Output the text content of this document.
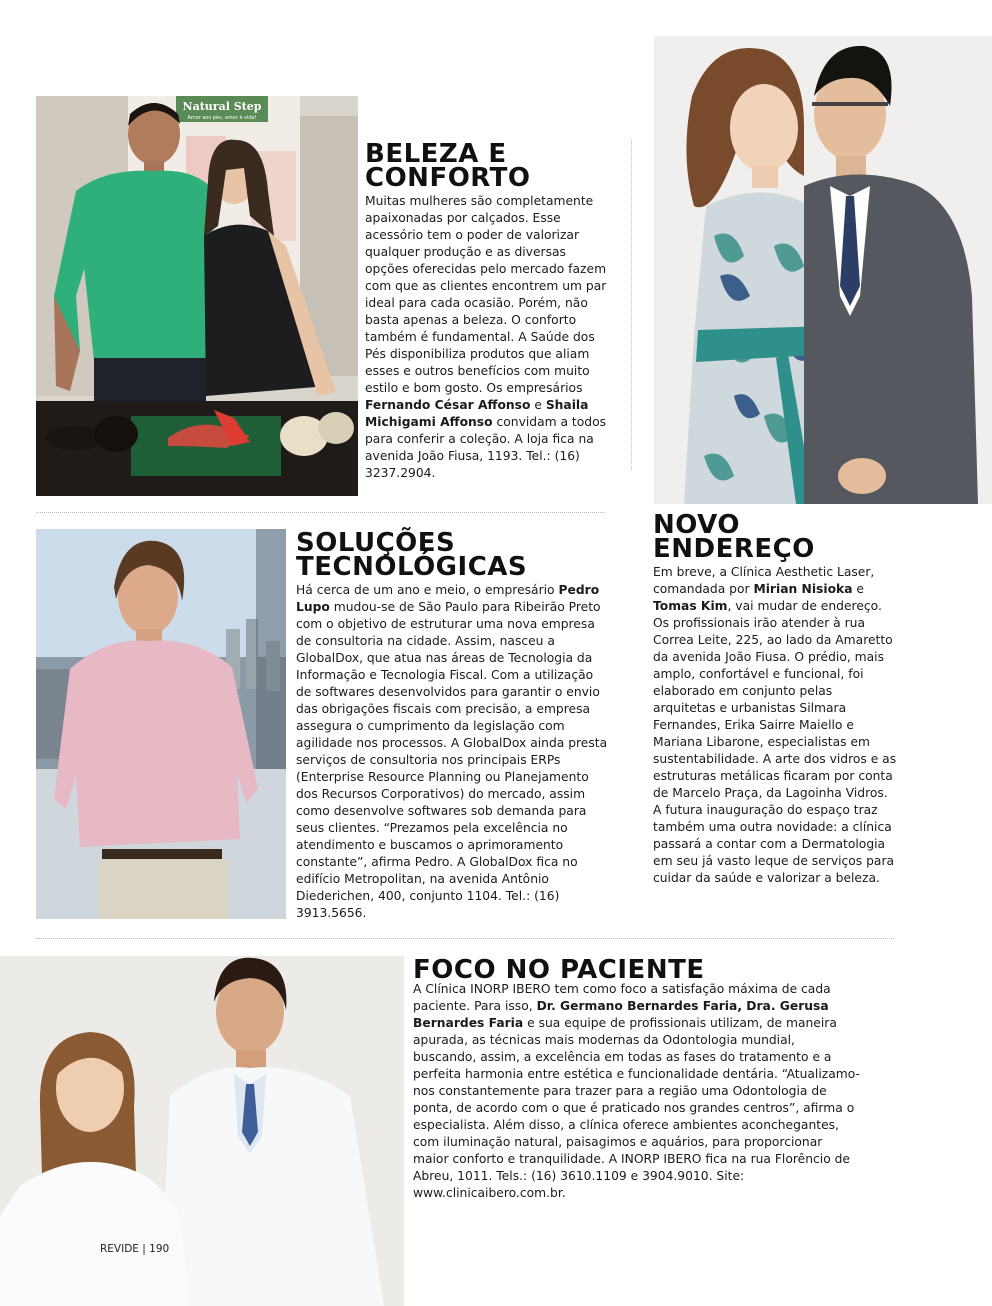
Natural Step
Amor aos pés, amor à vida!
BELEZA E
CONFORTO

Muitas mulheres são completamente apaixonadas por calçados. Esse acessório tem o poder de valorizar qualquer produção e as diversas opções oferecidas pelo mercado fazem com que as clientes encontrem um par ideal para cada ocasião. Porém, não basta apenas a beleza. O conforto também é fundamental. A Saúde dos Pés disponibiliza produtos que aliam esses e outros benefícios com muito estilo e bom gosto. Os empresários Fernando César Affonso e Shaila Michigami Affonso convidam a todos para conferir a coleção. A loja fica na avenida João Fiusa, 1193. Tel.: (16) 3237.2904.

SOLUÇÕES
TECNOLÓGICAS

Há cerca de um ano e meio, o empresário Pedro Lupo mudou-se de São Paulo para Ribeirão Preto com o objetivo de estruturar uma nova empresa de consultoria na cidade. Assim, nasceu a GlobalDox, que atua nas áreas de Tecnologia da Informação e Tecnologia Fiscal. Com a utilização de softwares desenvolvidos para garantir o envio das obrigações fiscais com precisão, a empresa assegura o cumprimento da legislação com agilidade nos processos. A GlobalDox ainda presta serviços de consultoria nos principais ERPs (Enterprise Resource Planning ou Planejamento dos Recursos Corporativos) do mercado, assim como desenvolve softwares sob demanda para seus clientes. “Prezamos pela excelência no atendimento e buscamos o aprimoramento constante”, afirma Pedro. A GlobalDox fica no edifício Metropolitan, na avenida Antônio Diederichen, 400, conjunto 1104. Tel.: (16) 3913.5656.

NOVO
ENDEREÇO

Em breve, a Clínica Aesthetic Laser, comandada por Mirian Nisioka e Tomas Kim, vai mudar de endereço. Os profissionais irão atender à rua Correa Leite, 225, ao lado da Amaretto da avenida João Fiusa. O prédio, mais amplo, confortável e funcional, foi elaborado em conjunto pelas arquitetas e urbanistas Silmara Fernandes, Erika Sairre Maiello e Mariana Libarone, especialistas em sustentabilidade. A arte dos vidros e as estruturas metálicas ficaram por conta de Marcelo Praça, da Lagoinha Vidros. A futura inauguração do espaço traz também uma outra novidade: a clínica passará a contar com a Dermatologia em seu já vasto leque de serviços para cuidar da saúde e valorizar a beleza.

FOCO NO PACIENTE

A Clínica INORP IBERO tem como foco a satisfação máxima de cada paciente. Para isso, Dr. Germano Bernardes Faria, Dra. Gerusa Bernardes Faria e sua equipe de profissionais utilizam, de maneira apurada, as técnicas mais modernas da Odontologia mundial, buscando, assim, a excelência em todas as fases do tratamento e a perfeita harmonia entre estética e funcionalidade dentária. “Atualizamo-nos constantemente para trazer para a região uma Odontologia de ponta, de acordo com o que é praticado nos grandes centros”, afirma o especialista. Além disso, a clínica oferece ambientes aconchegantes, com iluminação natural, paisagimos e aquários, para proporcionar maior conforto e tranquilidade. A INORP IBERO fica na rua Florêncio de Abreu, 1011. Tels.: (16) 3610.1109 e 3904.9010. Site: www.clinicaibero.com.br.

REVIDE | 190
